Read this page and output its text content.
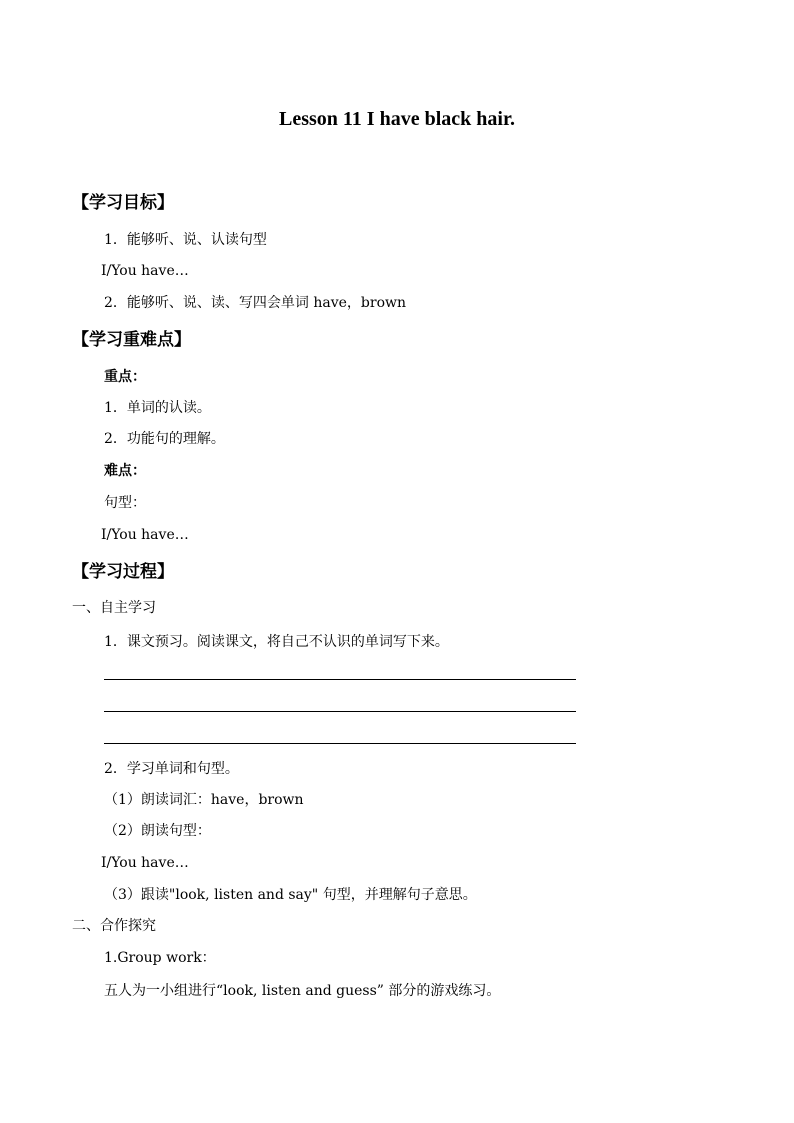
Lesson 11 I have black hair.
【学习目标】
1．能够听、说、认读句型
I/You have…
2．能够听、说、读、写四会单词 have，brown
【学习重难点】
重点：
1．单词的认读。
2．功能句的理解。
难点：
句型：
I/You have…
【学习过程】
一、自主学习
1．课文预习。阅读课文，将自己不认识的单词写下来。
2．学习单词和句型。
（1）朗读词汇：have，brown
（2）朗读句型：
I/You have…
（3）跟读"look, listen and say" 句型，并理解句子意思。
二、合作探究
1.Group work：
五人为一小组进行“look, listen and guess” 部分的游戏练习。
